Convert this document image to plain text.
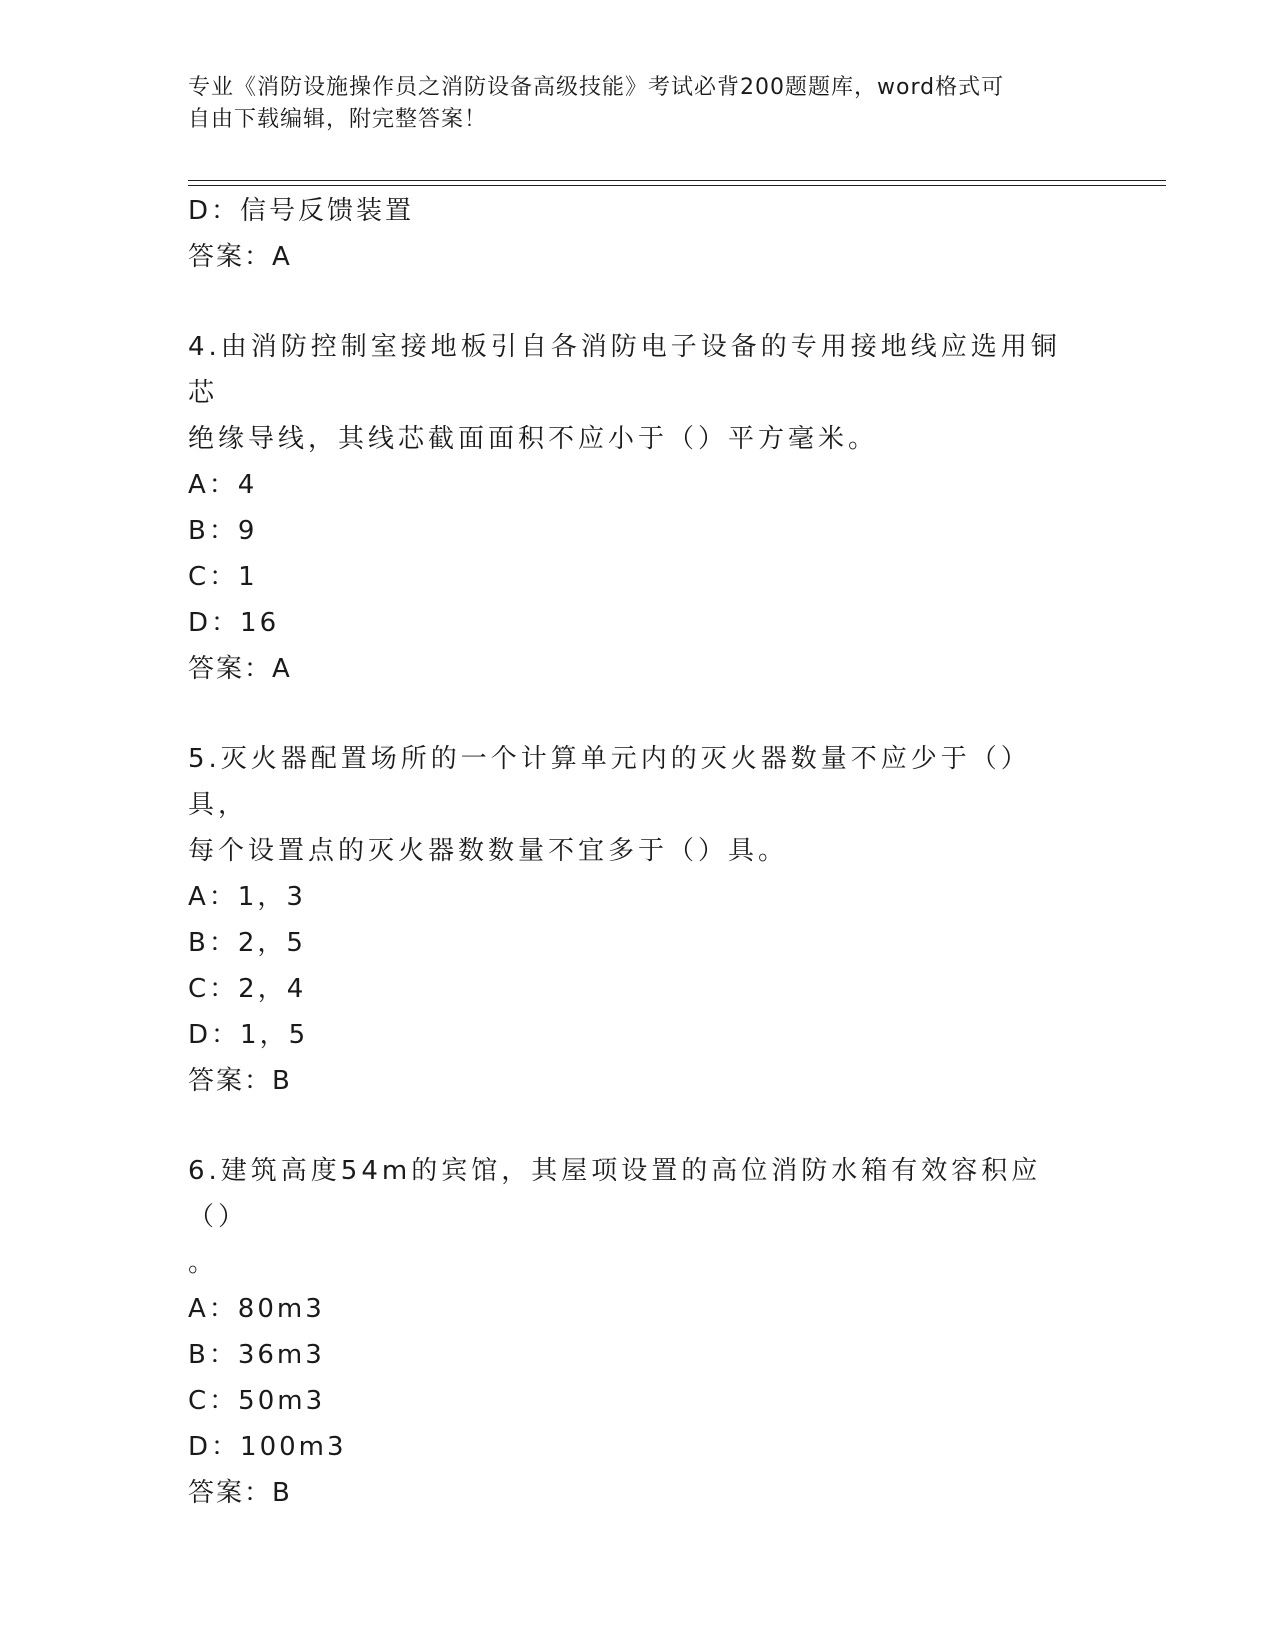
专业《消防设施操作员之消防设备高级技能》考试必背200题题库，word格式可
自由下载编辑，附完整答案！
D：信号反馈装置
答案：A
4.由消防控制室接地板引自各消防电子设备的专用接地线应选用铜芯
绝缘导线，其线芯截面面积不应小于（）平方毫米。
A：4
B：9
C：1
D：16
答案：A
5.灭火器配置场所的一个计算单元内的灭火器数量不应少于（）具，
每个设置点的灭火器数数量不宜多于（）具。
A：1，3
B：2，5
C：2，4
D：1，5
答案：B
6.建筑高度54m的宾馆，其屋项设置的高位消防水箱有效容积应（）
。
A：80m3
B：36m3
C：50m3
D：100m3
答案：B
